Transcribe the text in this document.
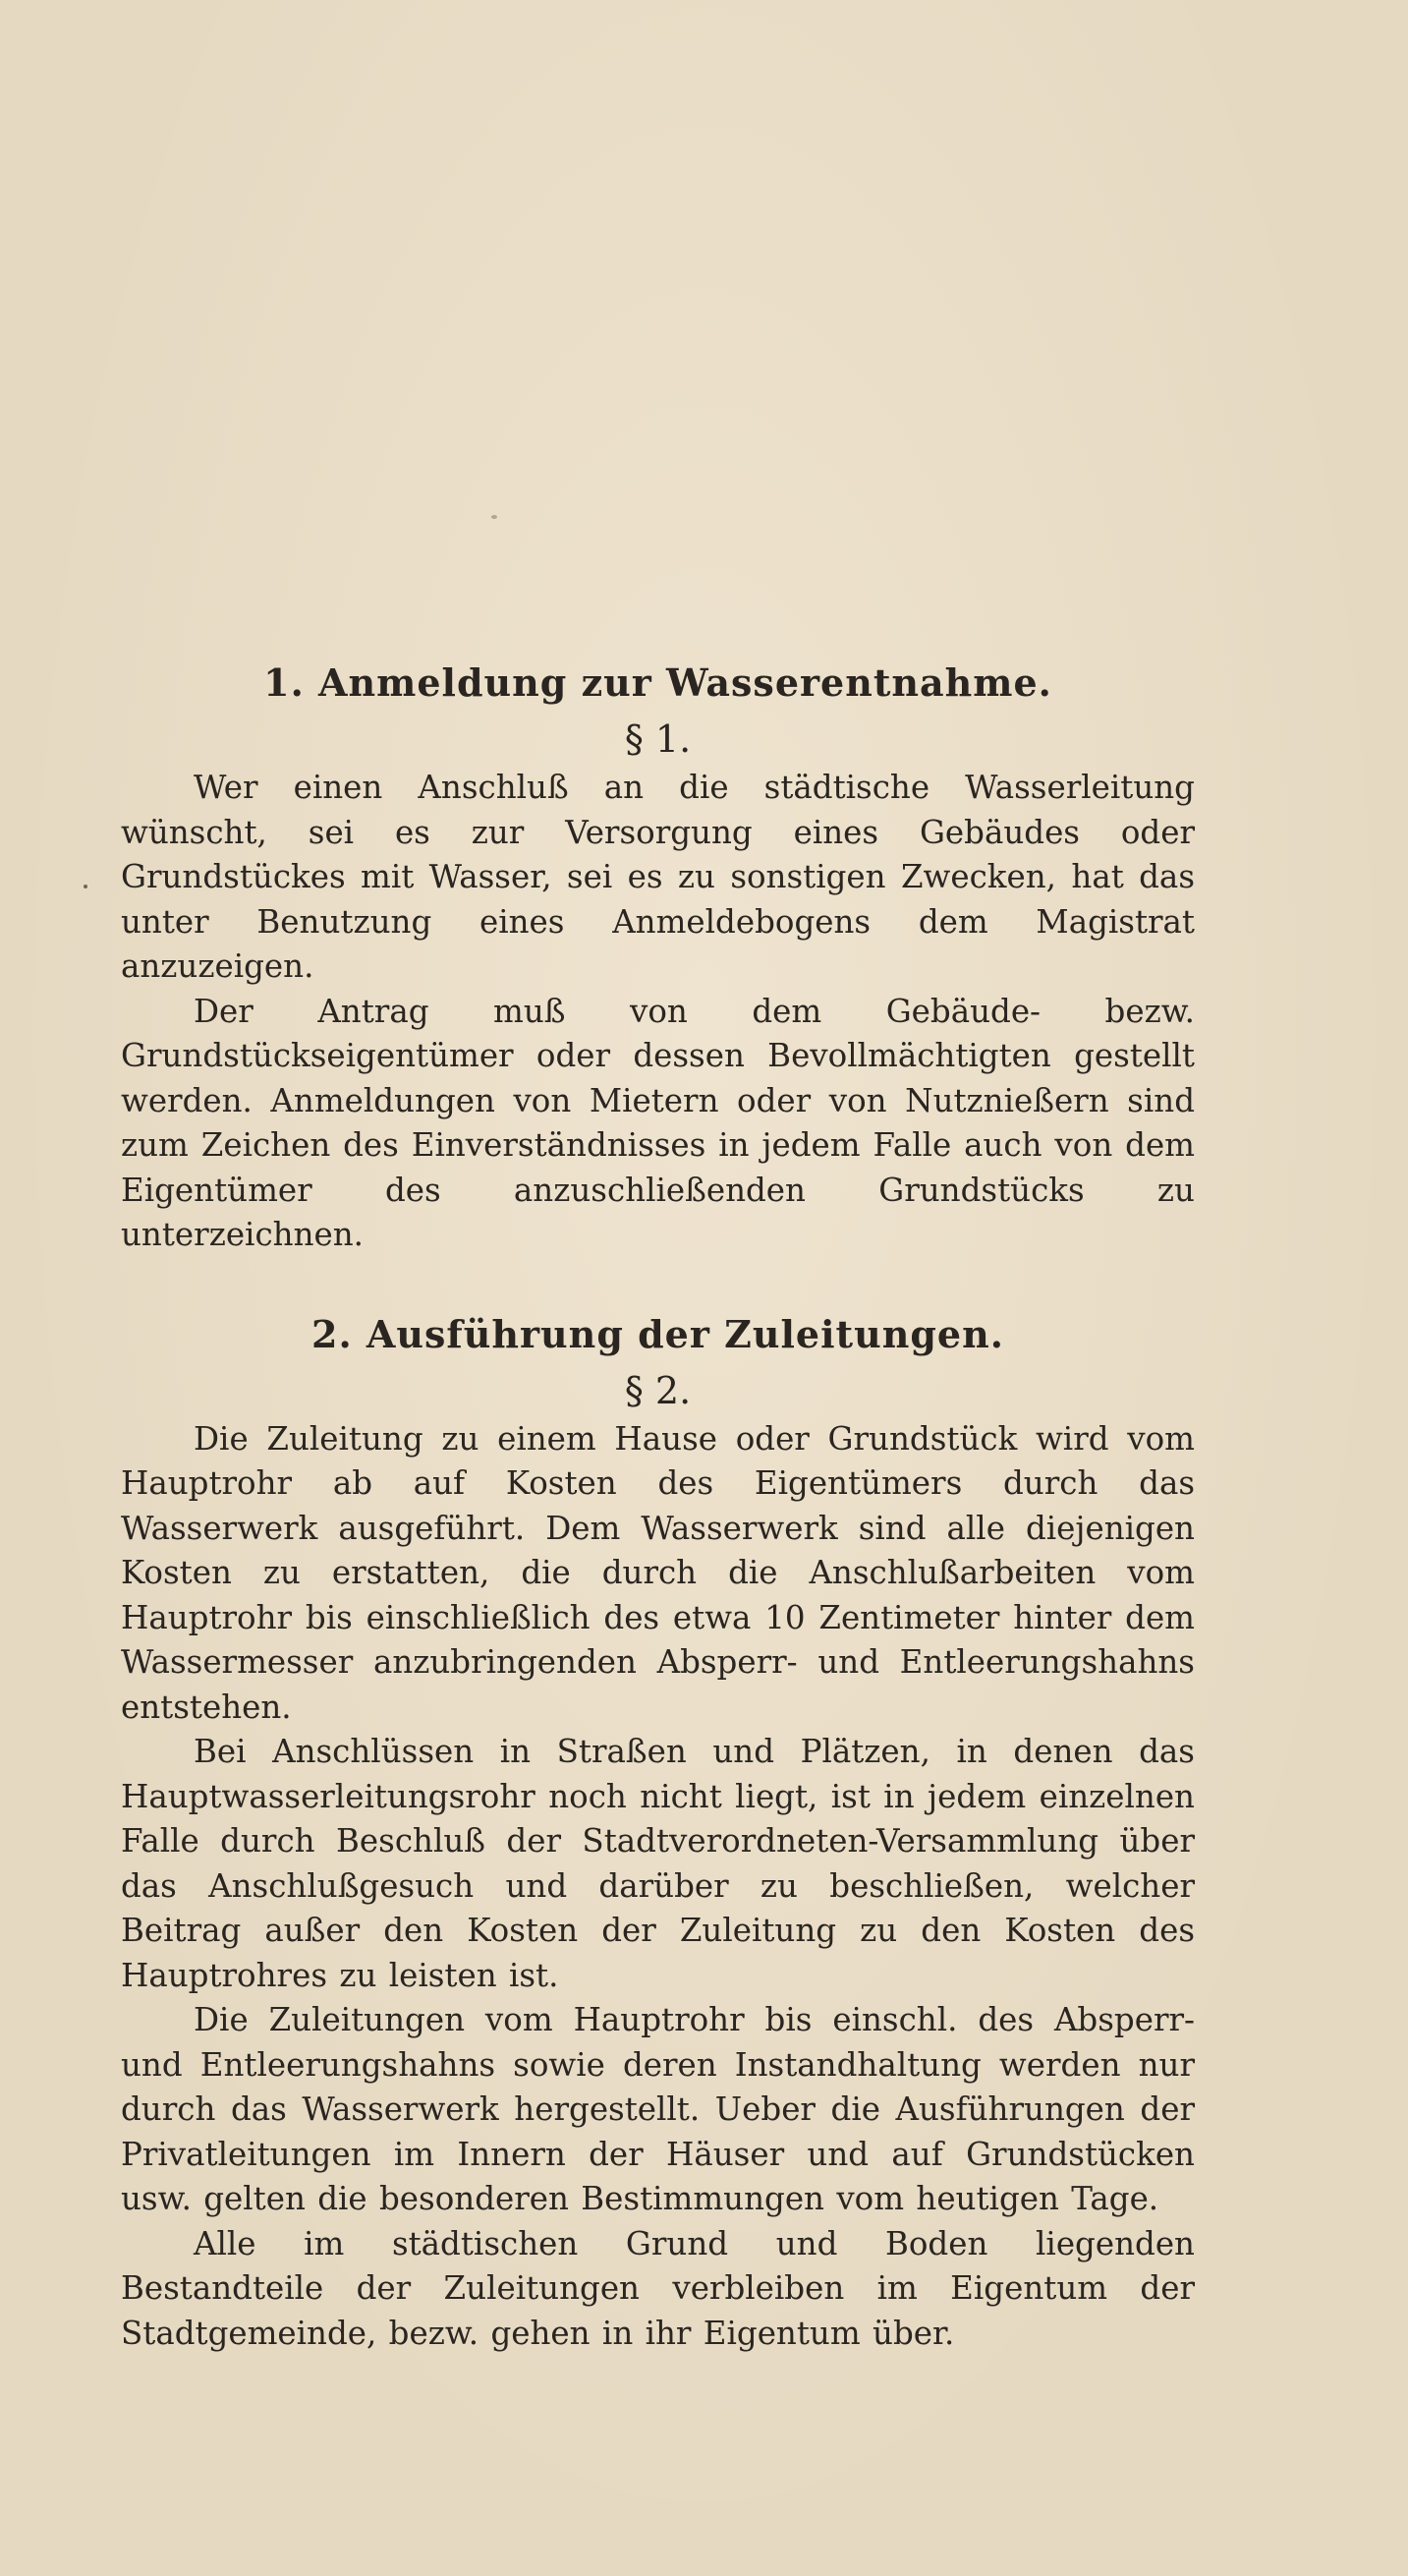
1. Anmeldung zur Wasserentnahme.
§ 1.

Wer einen Anschluß an die städtische Wasserleitung wünscht, sei es zur Versorgung eines Gebäudes oder Grundstückes mit Wasser, sei es zu sonstigen Zwecken, hat das unter Benutzung eines Anmeldebogens dem Magistrat anzuzeigen.

Der Antrag muß von dem Gebäude- bezw. Grundstückseigentümer oder dessen Bevollmächtigten gestellt werden. Anmeldungen von Mietern oder von Nutznießern sind zum Zeichen des Einverständnisses in jedem Falle auch von dem Eigentümer des anzuschließenden Grundstücks zu unterzeichnen.

2. Ausführung der Zuleitungen.
§ 2.

Die Zuleitung zu einem Hause oder Grundstück wird vom Hauptrohr ab auf Kosten des Eigentümers durch das Wasserwerk ausgeführt. Dem Wasserwerk sind alle diejenigen Kosten zu erstatten, die durch die Anschlußarbeiten vom Hauptrohr bis einschließlich des etwa 10 Zentimeter hinter dem Wassermesser anzubringenden Absperr- und Entleerungshahns entstehen.

Bei Anschlüssen in Straßen und Plätzen, in denen das Hauptwasserleitungsrohr noch nicht liegt, ist in jedem einzelnen Falle durch Beschluß der Stadtverordneten-Versammlung über das Anschlußgesuch und darüber zu beschließen, welcher Beitrag außer den Kosten der Zuleitung zu den Kosten des Hauptrohres zu leisten ist.

Die Zuleitungen vom Hauptrohr bis einschl. des Absperr- und Entleerungshahns sowie deren Instandhaltung werden nur durch das Wasserwerk hergestellt. Ueber die Ausführungen der Privatleitungen im Innern der Häuser und auf Grundstücken usw. gelten die besonderen Bestimmungen vom heutigen Tage.

Alle im städtischen Grund und Boden liegenden Bestandteile der Zuleitungen verbleiben im Eigentum der Stadtgemeinde, bezw. gehen in ihr Eigentum über.
